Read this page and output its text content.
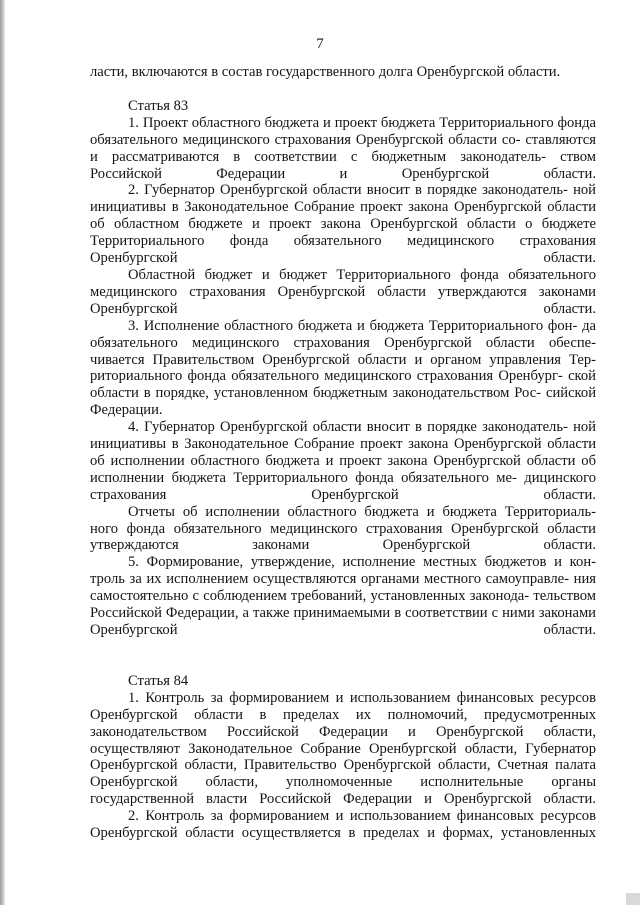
7

ласти, включаются в состав государственного долга Оренбургской области.

Статья 83

1. Проект областного бюджета и проект бюджета Территориального фонда обязательного медицинского страхования Оренбургской области со- ставляются и рассматриваются в соответствии с бюджетным законодатель- ством Российской Федерации и Оренбургской области.

2. Губернатор Оренбургской области вносит в порядке законодатель- ной инициативы в Законодательное Собрание проект закона Оренбургской области об областном бюджете и проект закона Оренбургской области о бюджете Территориального фонда обязательного медицинского страхования Оренбургской области.

Областной бюджет и бюджет Территориального фонда обязательного медицинского страхования Оренбургской области утверждаются законами Оренбургской области.

3. Исполнение областного бюджета и бюджета Территориального фон- да обязательного медицинского страхования Оренбургской области обеспе- чивается Правительством Оренбургской области и органом управления Тер- риториального фонда обязательного медицинского страхования Оренбург- ской области в порядке, установленном бюджетным законодательством Рос- сийской Федерации.

4. Губернатор Оренбургской области вносит в порядке законодатель- ной инициативы в Законодательное Собрание проект закона Оренбургской области об исполнении областного бюджета и проект закона Оренбургской области об исполнении бюджета Территориального фонда обязательного ме- дицинского страхования Оренбургской области.

Отчеты об исполнении областного бюджета и бюджета Территориаль- ного фонда обязательного медицинского страхования Оренбургской области утверждаются законами Оренбургской области.

5. Формирование, утверждение, исполнение местных бюджетов и кон- троль за их исполнением осуществляются органами местного самоуправле- ния самостоятельно с соблюдением требований, установленных законода- тельством Российской Федерации, а также принимаемыми в соответствии с ними законами Оренбургской области.

Статья 84

1. Контроль за формированием и использованием финансовых ресурсов Оренбургской области в пределах их полномочий, предусмотренных законодательством Российской Федерации и Оренбургской области, осуществляют Законодательное Собрание Оренбургской области, Губернатор Оренбургской области, Правительство Оренбургской области, Счетная палата Оренбургской области, уполномоченные исполнительные органы государственной власти Российской Федерации и Оренбургской области.

2. Контроль за формированием и использованием финансовых ресурсов Оренбургской области осуществляется в пределах и формах, установленных
